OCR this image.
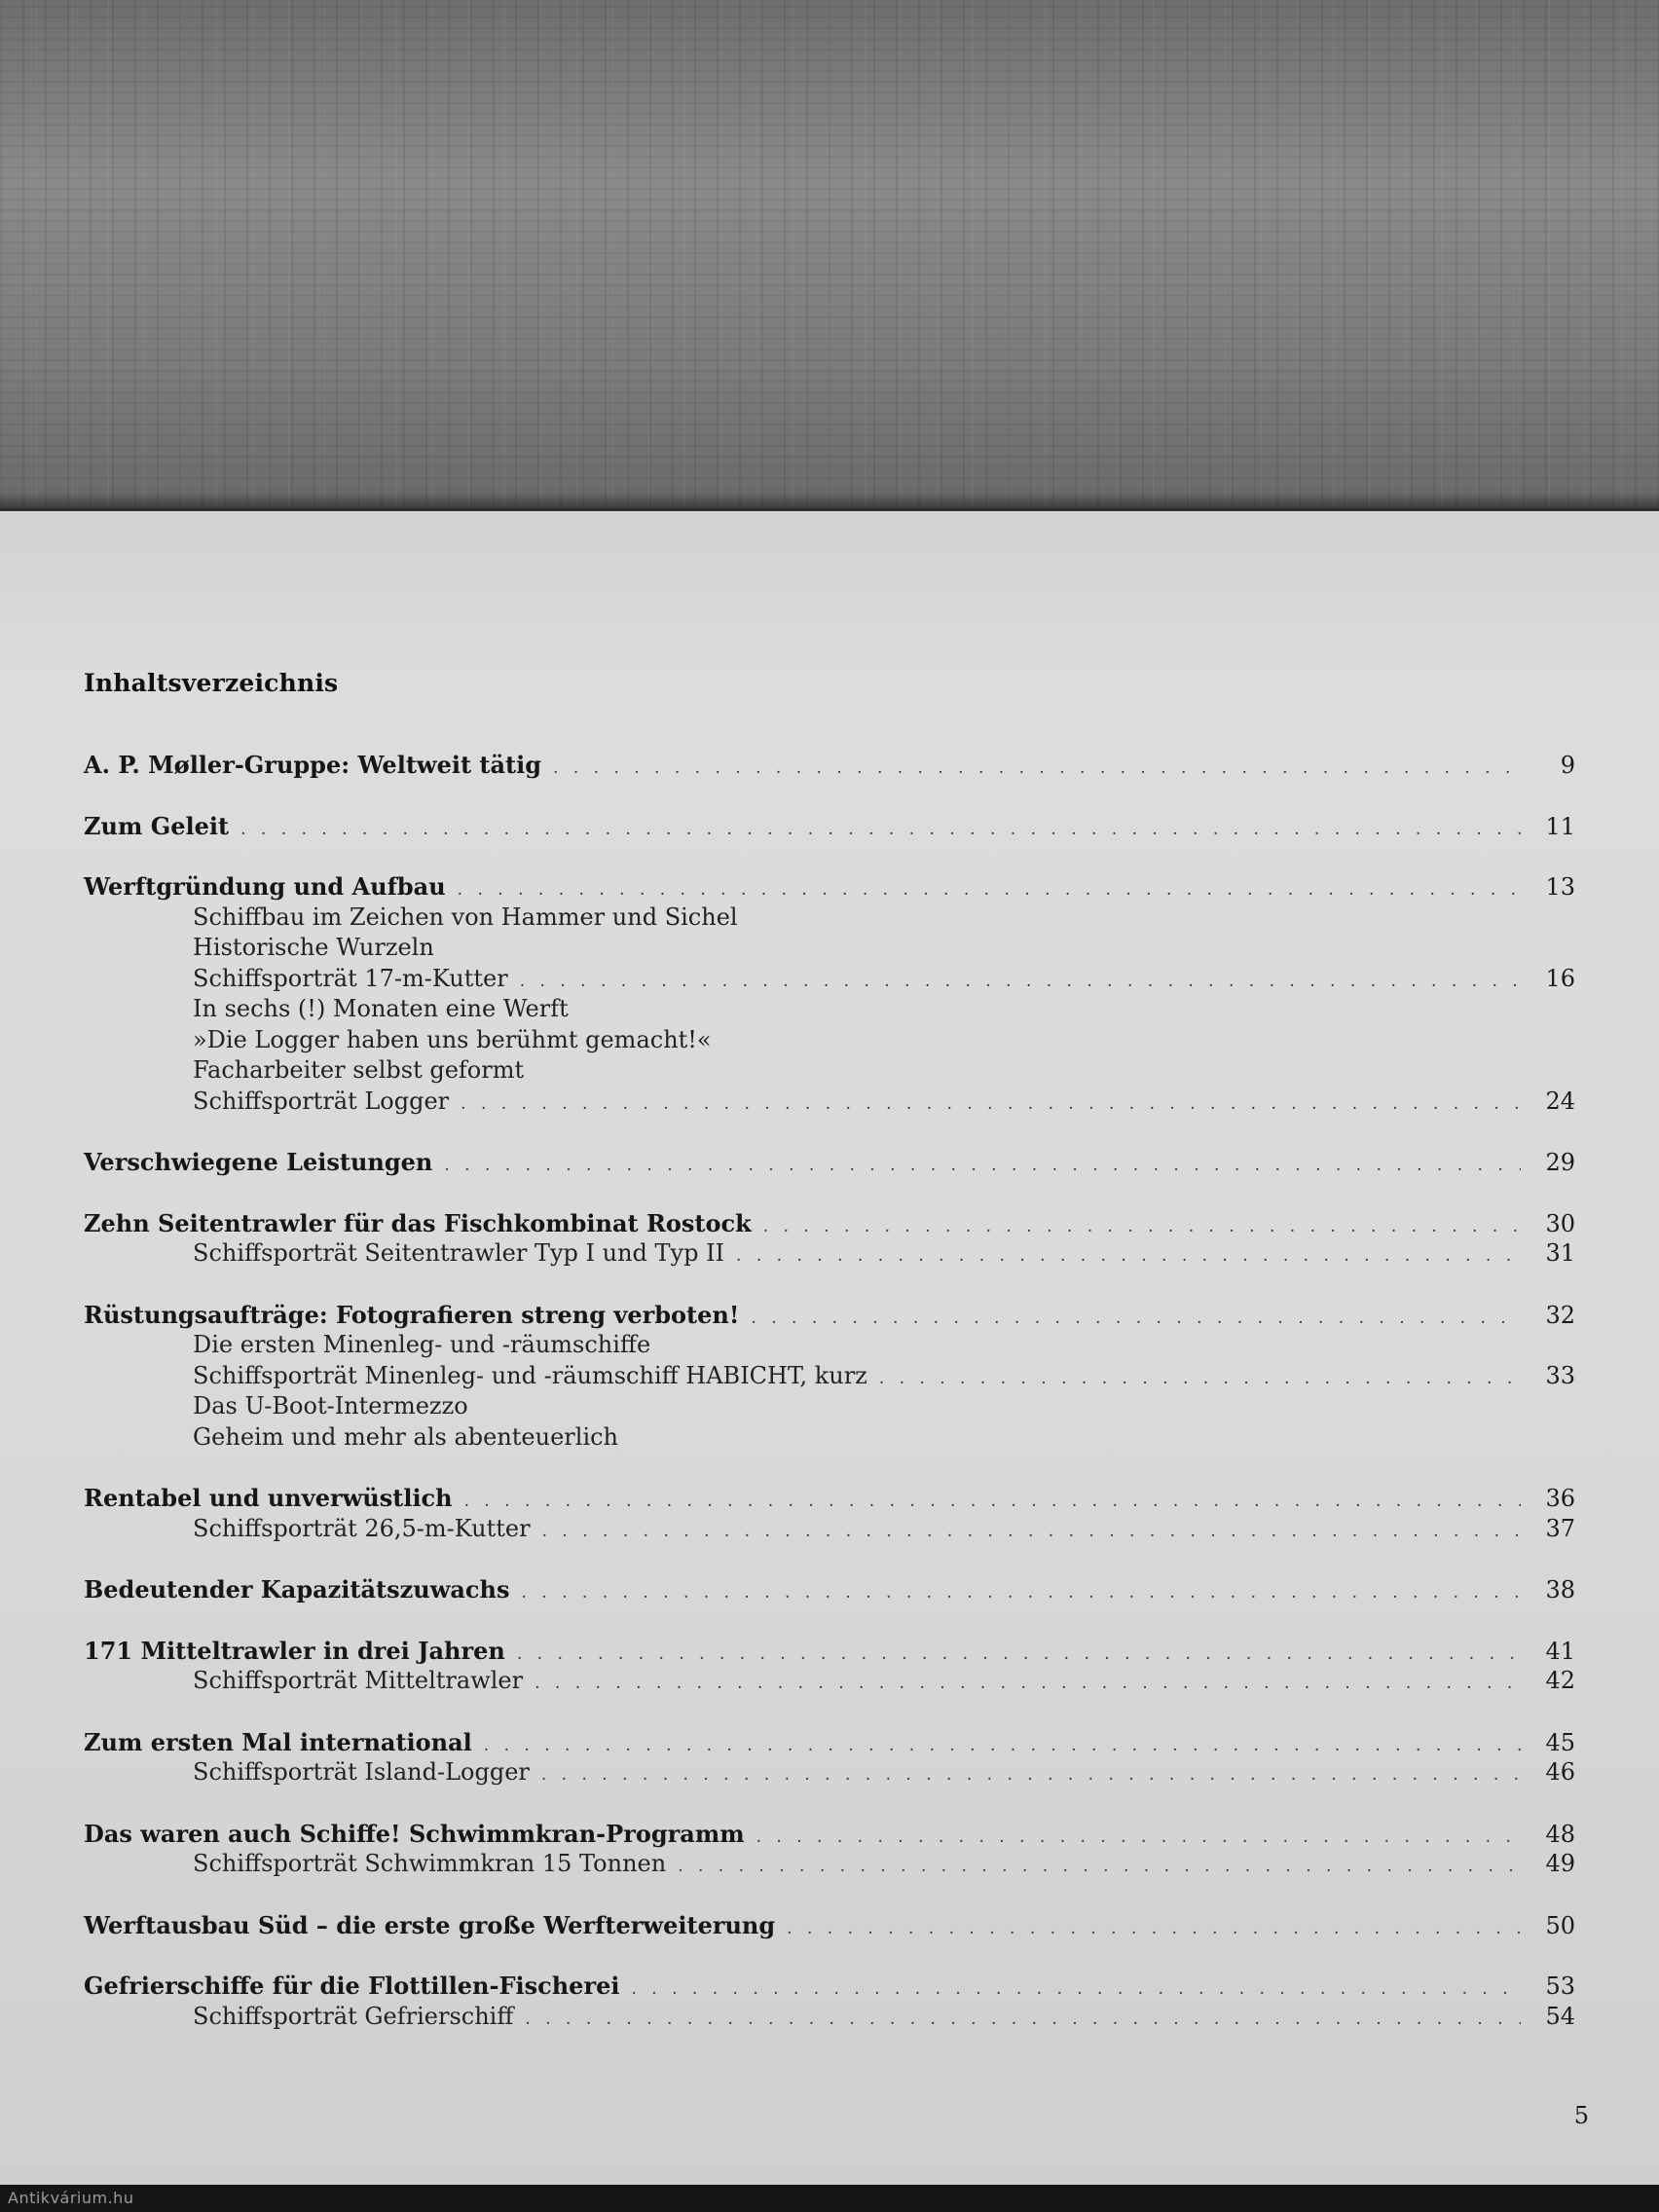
Inhaltsverzeichnis
A. P. Møller-Gruppe: Weltweit tätig . . .	9
Zum Geleit . . .	11
Werftgründung und Aufbau . . .	13
Schiffbau im Zeichen von Hammer und Sichel
Historische Wurzeln
Schiffsporträt 17-m-Kutter . . .	16
In sechs (!) Monaten eine Werft
»Die Logger haben uns berühmt gemacht!«
Facharbeiter selbst geformt
Schiffsporträt Logger . . .	24
Verschwiegene Leistungen . . .	29
Zehn Seitentrawler für das Fischkombinat Rostock . . .	30
Schiffsporträt Seitentrawler Typ I und Typ II . . .	31
Rüstungsaufträge: Fotografieren streng verboten! . . .	32
Die ersten Minenleg- und -räumschiffe
Schiffsporträt Minenleg- und -räumschiff HABICHT, kurz . . .	33
Das U-Boot-Intermezzo
Geheim und mehr als abenteuerlich
Rentabel und unverwüstlich . . .	36
Schiffsporträt 26,5-m-Kutter . . .	37
Bedeutender Kapazitätszuwachs . . .	38
171 Mitteltrawler in drei Jahren . . .	41
Schiffsporträt Mitteltrawler . . .	42
Zum ersten Mal international . . .	45
Schiffsporträt Island-Logger . . .	46
Das waren auch Schiffe! Schwimmkran-Programm . . .	48
Schiffsporträt Schwimmkran 15 Tonnen . . .	49
Werftausbau Süd – die erste große Werfterweiterung . . .	50
Gefrierschiffe für die Flottillen-Fischerei . . .	53
Schiffsporträt Gefrierschiff . . .	54
5
Antikvárium.hu
